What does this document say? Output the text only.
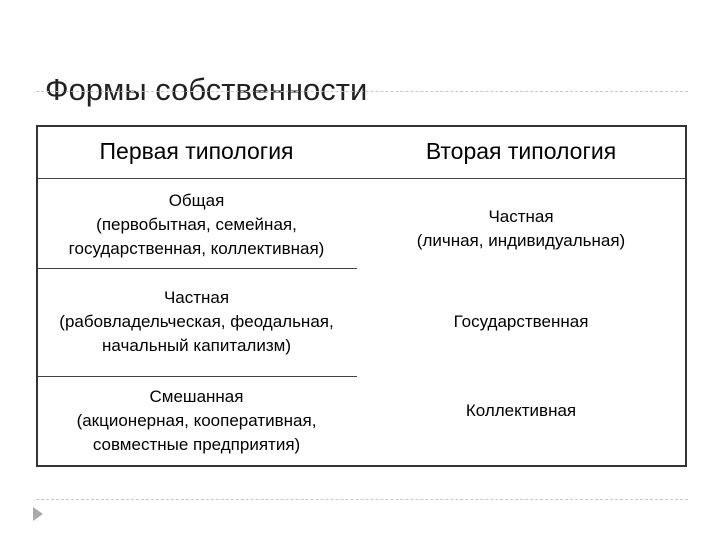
Формы собственности
Первая типология	Вторая типология

Общая
(первобытная, семейная, государственная, коллективная)	Частная
(личная, индивидуальная)

Частная
(рабовладельческая, феодальная, начальный капитализм)	Государственная

Смешанная
(акционерная, кооперативная, совместные предприятия)	Коллективная
